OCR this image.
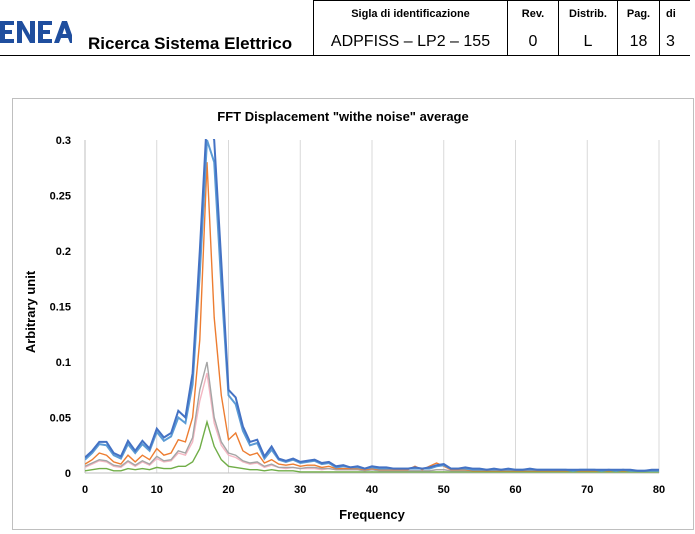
Ricerca Sistema Elettrico

Sigla di identificazione
ADPFISS – LP2 – 155

Rev.
0

Distrib.
L

Pag.
18

di
3
FFT Displacement "withe noise" average
0	10	20	30	40	50	60	70	80
0
0.05
0.1
0.15
0.2
0.25
0.3
Frequency
Arbitrary unit
